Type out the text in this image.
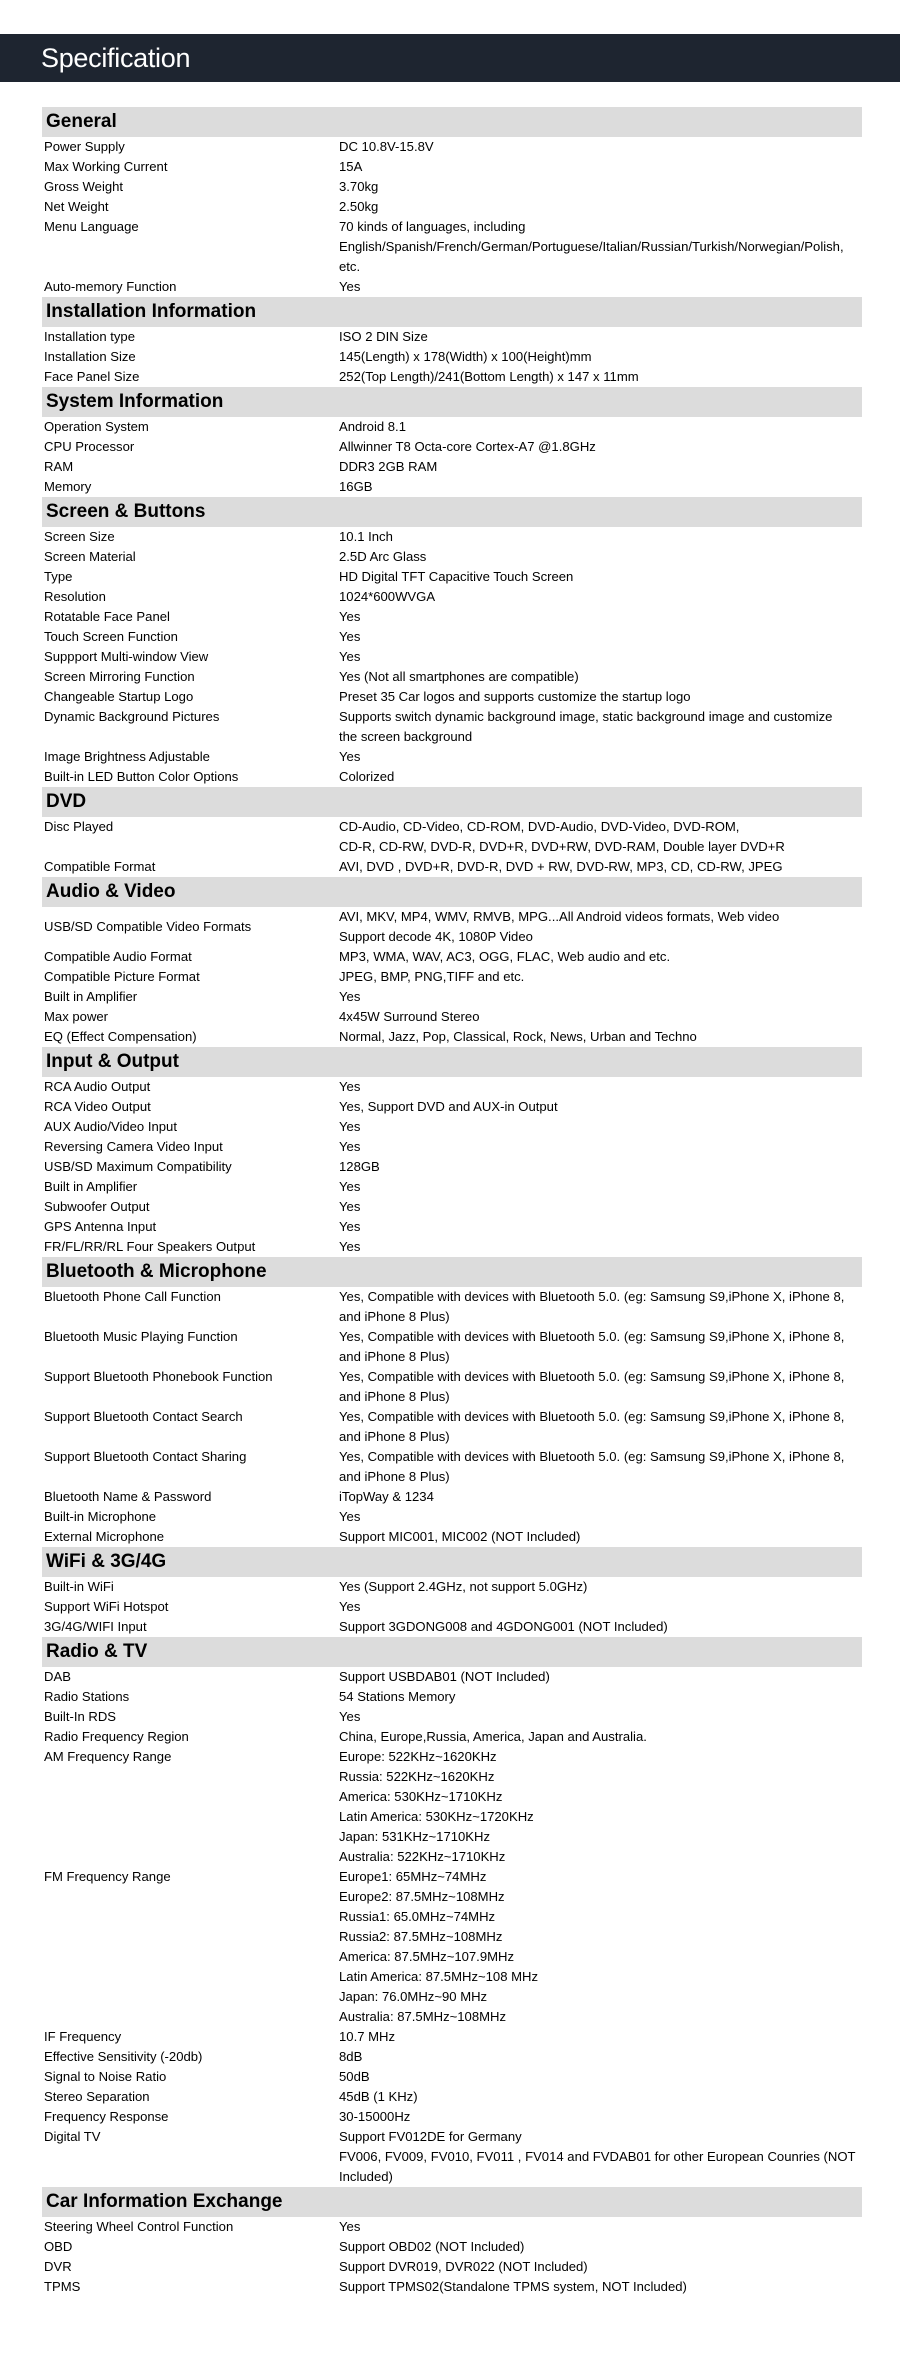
Specification
General
Power Supply	DC 10.8V-15.8V
Max Working Current	15A
Gross Weight	3.70kg
Net Weight	2.50kg
Menu Language	70 kinds of languages, including
English/Spanish/French/German/Portuguese/Italian/Russian/Turkish/Norwegian/Polish,
etc.
Auto-memory Function	Yes
Installation Information
Installation type	ISO 2 DIN Size
Installation Size	145(Length) x 178(Width) x 100(Height)mm
Face Panel Size	252(Top Length)/241(Bottom Length) x 147 x 11mm
System Information
Operation System	Android 8.1
CPU Processor	Allwinner T8 Octa-core Cortex-A7 @1.8GHz
RAM	DDR3 2GB RAM
Memory	16GB
Screen & Buttons
Screen Size	10.1 Inch
Screen Material	2.5D Arc Glass
Type	HD Digital TFT Capacitive Touch Screen
Resolution	1024*600WVGA
Rotatable Face Panel	Yes
Touch Screen Function	Yes
Suppport Multi-window View	Yes
Screen Mirroring Function	Yes (Not all smartphones are compatible)
Changeable Startup Logo	Preset 35 Car logos and supports customize the startup logo
Dynamic Background Pictures	Supports switch dynamic background image, static background image and customize
the screen background
Image Brightness Adjustable	Yes
Built-in LED Button Color Options	Colorized
DVD
Disc Played	CD-Audio, CD-Video, CD-ROM, DVD-Audio, DVD-Video, DVD-ROM,
CD-R, CD-RW, DVD-R, DVD+R, DVD+RW, DVD-RAM, Double layer DVD+R
Compatible Format	AVI, DVD , DVD+R, DVD-R, DVD + RW, DVD-RW, MP3, CD, CD-RW, JPEG
Audio & Video
USB/SD Compatible Video Formats
AVI, MKV, MP4, WMV, RMVB, MPG...All Android videos formats, Web video
Support decode 4K, 1080P Video
Compatible Audio Format	MP3, WMA, WAV, AC3, OGG, FLAC, Web audio and etc.
Compatible Picture Format	JPEG, BMP, PNG,TIFF and etc.
Built in Amplifier	Yes
Max power	4x45W Surround Stereo
EQ (Effect Compensation)	Normal, Jazz, Pop, Classical, Rock, News, Urban and Techno
Input & Output
RCA Audio Output	Yes
RCA Video Output	Yes, Support DVD and AUX-in Output
AUX Audio/Video Input	Yes
Reversing Camera Video Input	Yes
USB/SD Maximum Compatibility	128GB
Built in Amplifier	Yes
Subwoofer Output	Yes
GPS Antenna Input	Yes
FR/FL/RR/RL Four Speakers Output	Yes
Bluetooth & Microphone
Bluetooth Phone Call Function	Yes, Compatible with devices with Bluetooth 5.0. (eg: Samsung S9,iPhone X, iPhone 8,
and iPhone 8 Plus)
Bluetooth Music Playing Function	Yes, Compatible with devices with Bluetooth 5.0. (eg: Samsung S9,iPhone X, iPhone 8,
and iPhone 8 Plus)
Support Bluetooth Phonebook Function	Yes, Compatible with devices with Bluetooth 5.0. (eg: Samsung S9,iPhone X, iPhone 8,
and iPhone 8 Plus)
Support Bluetooth Contact Search	Yes, Compatible with devices with Bluetooth 5.0. (eg: Samsung S9,iPhone X, iPhone 8,
and iPhone 8 Plus)
Support Bluetooth Contact Sharing	Yes, Compatible with devices with Bluetooth 5.0. (eg: Samsung S9,iPhone X, iPhone 8,
and iPhone 8 Plus)
Bluetooth Name & Password	iTopWay & 1234
Built-in Microphone	Yes
External Microphone	Support MIC001, MIC002 (NOT Included)
WiFi & 3G/4G
Built-in WiFi	Yes (Support 2.4GHz, not support 5.0GHz)
Support WiFi Hotspot	Yes
3G/4G/WIFI Input	Support 3GDONG008 and 4GDONG001 (NOT Included)
Radio & TV
DAB	Support USBDAB01 (NOT Included)
Radio Stations	54 Stations Memory
Built-In RDS	Yes
Radio Frequency Region	China, Europe,Russia, America, Japan and Australia.
AM Frequency Range	Europe: 522KHz~1620KHz
Russia: 522KHz~1620KHz
America: 530KHz~1710KHz
Latin America: 530KHz~1720KHz
Japan: 531KHz~1710KHz
Australia: 522KHz~1710KHz
FM Frequency Range	Europe1: 65MHz~74MHz
Europe2: 87.5MHz~108MHz
Russia1: 65.0MHz~74MHz
Russia2: 87.5MHz~108MHz
America: 87.5MHz~107.9MHz
Latin America: 87.5MHz~108 MHz
Japan: 76.0MHz~90 MHz
Australia: 87.5MHz~108MHz
IF Frequency	10.7 MHz
Effective Sensitivity (-20db)	8dB
Signal to Noise Ratio	50dB
Stereo Separation	45dB (1 KHz)
Frequency Response	30-15000Hz
Digital TV	Support FV012DE for Germany
FV006, FV009, FV010, FV011 , FV014 and FVDAB01 for other European Counries (NOT
Included)
Car Information Exchange
Steering Wheel Control Function	Yes
OBD	Support OBD02 (NOT Included)
DVR	Support DVR019, DVR022 (NOT Included)
TPMS	Support TPMS02(Standalone TPMS system, NOT Included)
